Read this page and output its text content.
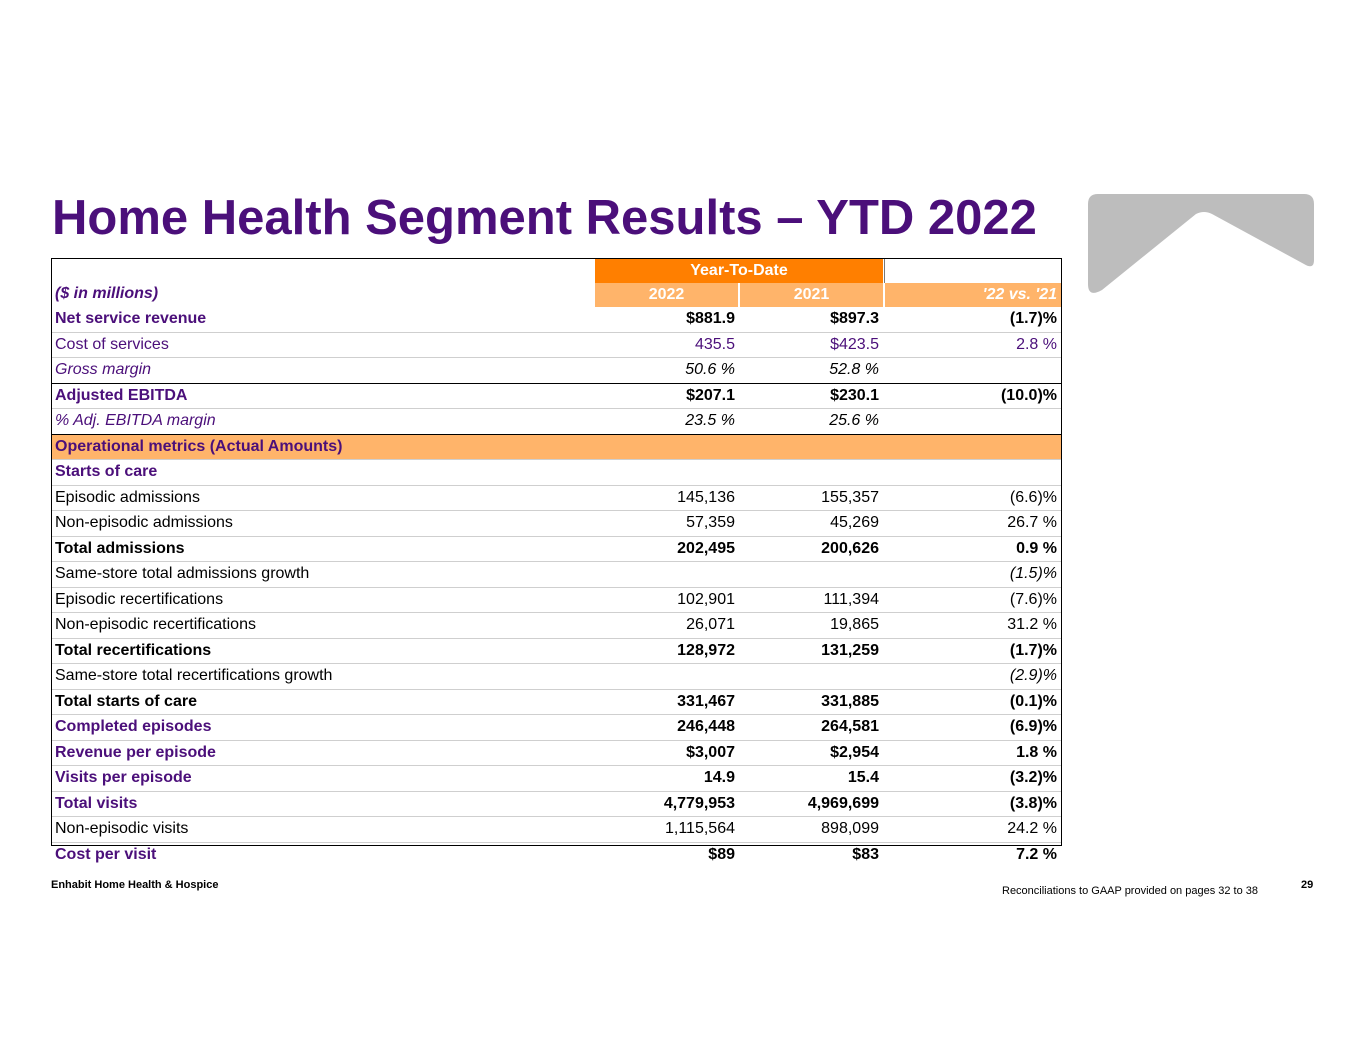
Home Health Segment Results – YTD 2022
($ in millions)
Year-To-Date
2022	2021	'22 vs. '21
Net service revenue	$881.9	$897.3	(1.7)%
Cost of services	435.5	$423.5	2.8 %
Gross margin	50.6 %	52.8 %	
Adjusted EBITDA	$207.1	$230.1	(10.0)%
% Adj. EBITDA margin	23.5 %	25.6 %	
Operational metrics (Actual Amounts)			
Starts of care			
Episodic admissions	145,136	155,357	(6.6)%
Non-episodic admissions	57,359	45,269	26.7 %
Total admissions	202,495	200,626	0.9 %
Same-store total admissions growth			(1.5)%
Episodic recertifications	102,901	111,394	(7.6)%
Non-episodic recertifications	26,071	19,865	31.2 %
Total recertifications	128,972	131,259	(1.7)%
Same-store total recertifications growth			(2.9)%
Total starts of care	331,467	331,885	(0.1)%
Completed episodes	246,448	264,581	(6.9)%
Revenue per episode	$3,007	$2,954	1.8 %
Visits per episode	14.9	15.4	(3.2)%
Total visits	4,779,953	4,969,699	(3.8)%
Non-episodic visits	1,115,564	898,099	24.2 %
Cost per visit	$89	$83	7.2 %
Enhabit Home Health & Hospice	Reconciliations to GAAP provided on pages 32 to 38	29
